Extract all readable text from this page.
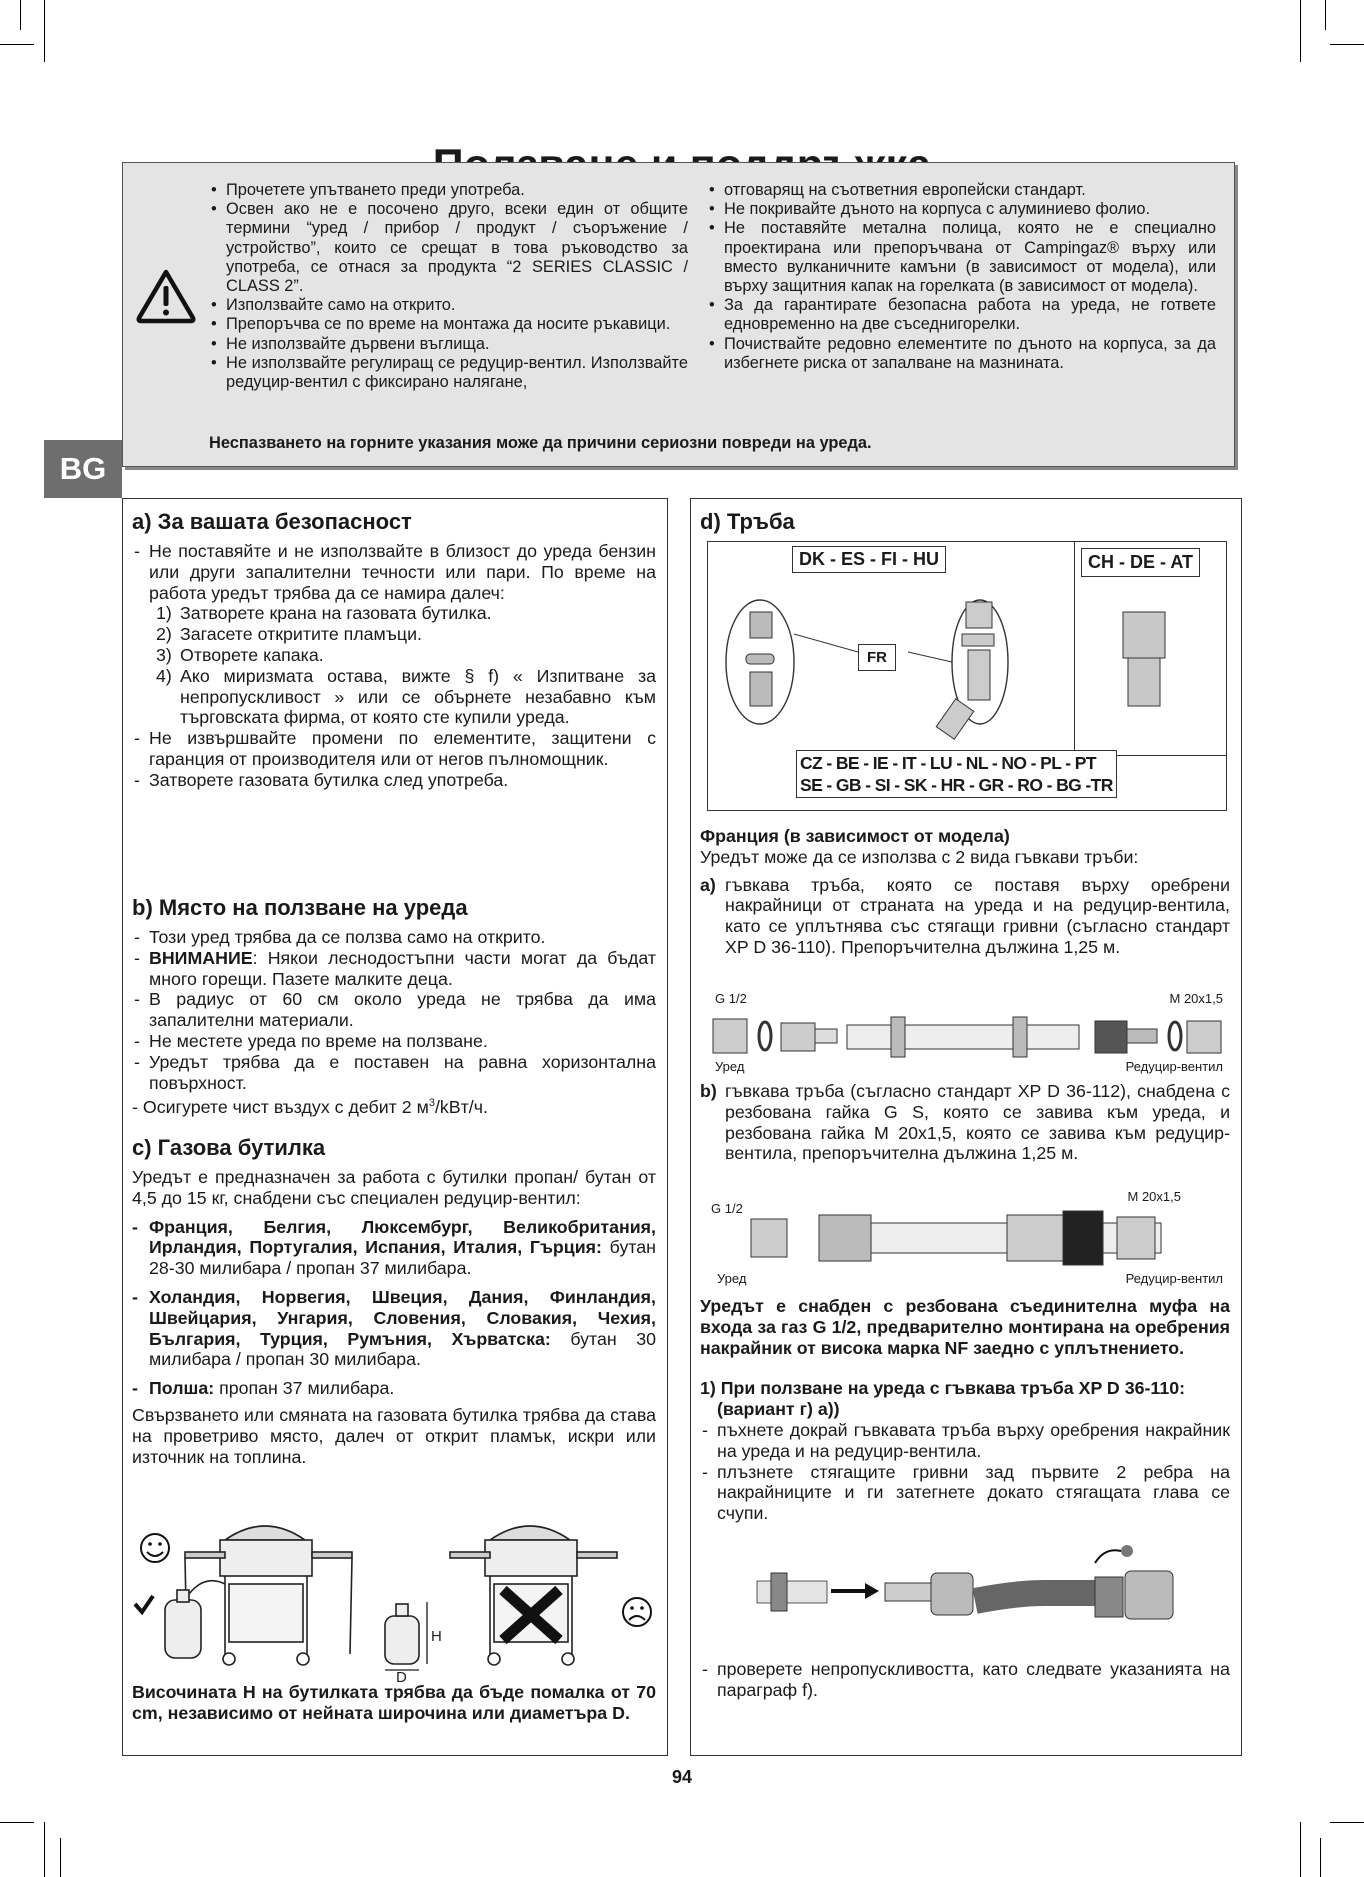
• Прочетете упътването преди употреба.
• Освен ако не е посочено друго, всеки един от общите термини “уред / прибор / продукт / съоръжение / устройство”, които се срещат в това ръководство за употреба, се отнася за продукта “2 SERIES CLASSIC / CLASS 2”.
• Използвайте само на открито.
• Препоръчва се по време на монтажа да носите ръкавици.
• Не използвайте дървени въглища.
• Не използвайте регулиращ се редуцир-вентил. Използвайте редуцир-вентил с фиксирано налягане,
• отговарящ на съответния европейски стандарт.
• Не покривайте дъното на корпуса с алуминиево фолио.
• Не поставяйте метална полица, която не е специално проектирана или препоръчвана от Campingaz® върху или вместо вулканичните камъни (в зависимост от модела), или върху защитния капак на горелката (в зависимост от модела).
• За да гарантирате безопасна работа на уреда, не гответе едновременно на две съседнигорелки.
• Почиствайте редовно елементите по дъното на корпуса, за да избегнете риска от запалване на мазнината.
Неспазването на горните указания може да причини сериозни повреди на уреда.
BG
a) За вашата безопасност

- Не поставяйте и не използвайте в близост до уреда бензин или други запалителни течности или пари. По време на работа уредът трябва да се намира далеч:

1) Затворете крана на газовата бутилка.

2) Загасете откритите пламъци.

3) Отворете капака.

4) Ако миризмата остава, вижте § f) « Изпитване за непропускливост » или се обърнете незабавно към търговската фирма, от която сте купили уреда.

- Не извършвайте промени по елементите, защитени с гаранция от производителя или от негов пълномощник.

- Затворете газовата бутилка след употреба.

b) Място на ползване на уреда

- Този уред трябва да се ползва само на открито.

- ВНИМАНИЕ: Някои леснодостъпни части могат да бъдат много горещи. Пазете малките деца.

- В радиус от 60 см около уреда не трябва да има запалителни материали.

- Не местете уреда по време на ползване.

- Уредът трябва да е поставен на равна хоризонтална повърхност.

- Осигурете чист въздух с дебит 2 $м^3/kBт/ч$.

c) Газова бутилка

Уредът е предназначен за работа с бутилки пропан/ бутан от 4,5 до 15 кг, снабдени със специален редуцир-вентил:

- Франция, Белгия, Люксембург, Великобритания, Ирландия, Португалия, Испания, Италия, Гърция: бутан 28-30 милибара / пропан 37 милибара.

- Холандия, Норвегия, Швеция, Дания, Финландия, Швейцария, Унгария, Словения, Словакия, Чехия, България, Турция, Румъния, Хърватска: бутан 30 милибара / пропан 30 милибара.

- Полша: пропан 37 милибара.

Свързването или смяната на газовата бутилка трябва да става на проветриво място, далеч от открит пламък, искри или източник на топлина.

H
D

Височината H на бутилката трябва да бъде помалка от 70 cm, независимо от нейната широчина или диаметъра D.

d) Тръба
DK - ES - FI - HU	CH - DE - AT
FR
CZ - BE - IE - IT - LU - NL - NO - PL - PT
SE - GB - SI - SK - HR - GR - RO - BG -TR

Франция (в зависимост от модела)

Уредът може да се използва с 2 вида гъвкави тръби:

a) гъвкава тръба, която се поставя върху оребрени накрайници от страната на уреда и на редуцир-вентила, като се уплътнява със стягащи гривни (съгласно стандарт XP D 36-110). Препоръчителна дължина 1,25 м.

G 1/2	M 20x1,5
Уред	Редуцир-вентил

b) гъвкава тръба (съгласно стандарт XP D 36-112), снабдена с резбована гайка G S, която се завива към уреда, и резбована гайка M 20x1,5, която се завива към редуцир-вентила, препоръчителна дължина 1,25 м.

G 1/2
M 20x1,5
Уред	Редуцир-вентил

Уредът е снабден с резбована съединителна муфа на входа за газ G 1/2, предварително монтирана на оребрения накрайник от висока марка NF заедно с уплътнението.

1) При ползване на уреда с гъвкава тръба XP D 36-110: (вариант г) a))

- пъхнете докрай гъвкавата тръба върху оребрения накрайник на уреда и на редуцир-вентила.

- плъзнете стягащите гривни зад първите 2 ребра на накрайниците и ги затегнете докато стягащата глава се счупи.

- проверете непропускливостта, като следвате указанията на параграф f).

94
